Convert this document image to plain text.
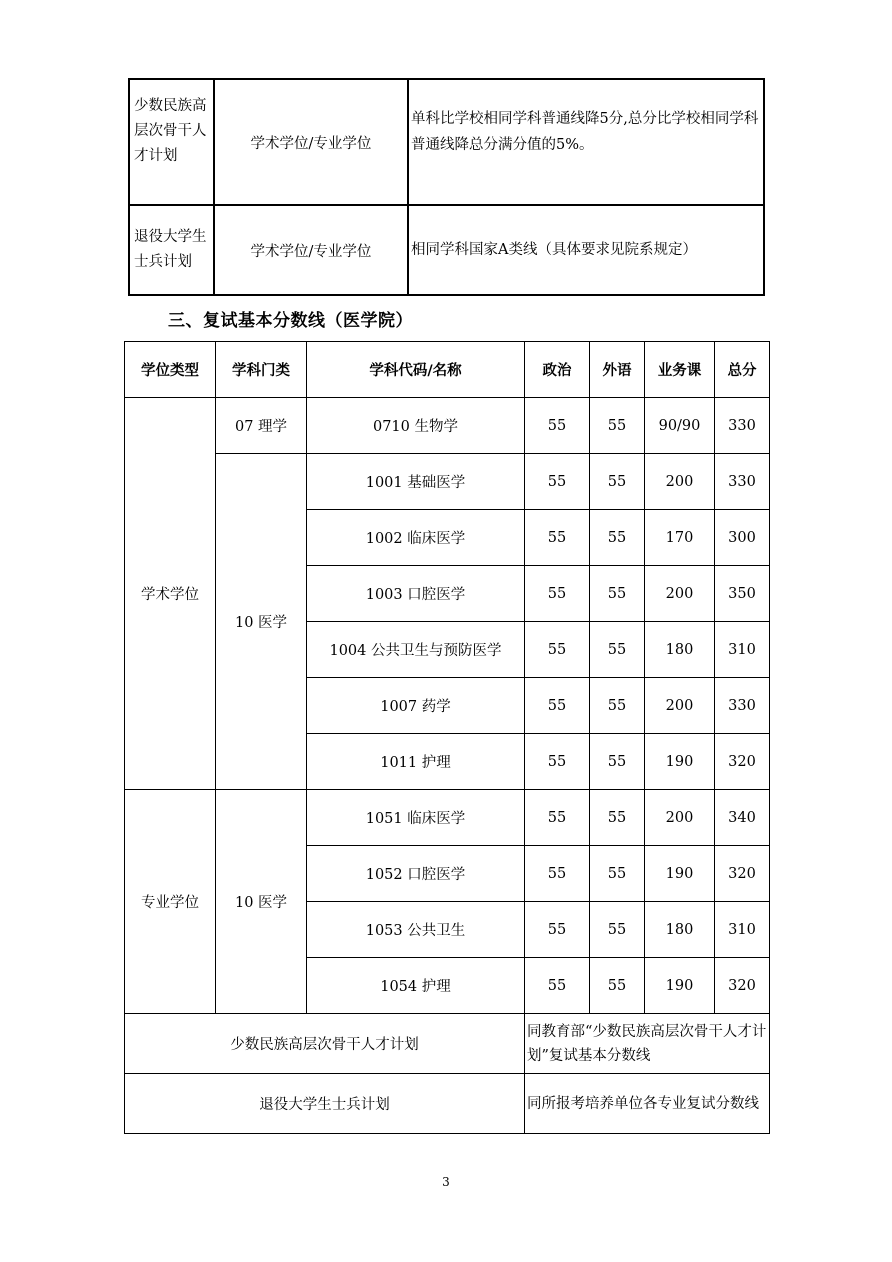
少数民族高层次骨干人才计划	学术学位/专业学位	单科比学校相同学科普通线降5分,总分比学校相同学科普通线降总分满分值的5%。
退役大学生士兵计划	学术学位/专业学位	相同学科国家A类线（具体要求见院系规定）
三、复试基本分数线（医学院）
学位类型	学科门类	学科代码/名称	政治	外语	业务课	总分
学术学位	07 理学	0710 生物学	55	55	90/90	330
	10 医学	1001 基础医学	55	55	200	330
		1002 临床医学	55	55	170	300
		1003 口腔医学	55	55	200	350
		1004 公共卫生与预防医学	55	55	180	310
		1007 药学	55	55	200	330
		1011 护理	55	55	190	320
专业学位	10 医学	1051 临床医学	55	55	200	340
		1052 口腔医学	55	55	190	320
		1053 公共卫生	55	55	180	310
		1054 护理	55	55	190	320
少数民族高层次骨干人才计划			同教育部“少数民族高层次骨干人才计划”复试基本分数线			
退役大学生士兵计划			同所报考培养单位各专业复试分数线			
3
